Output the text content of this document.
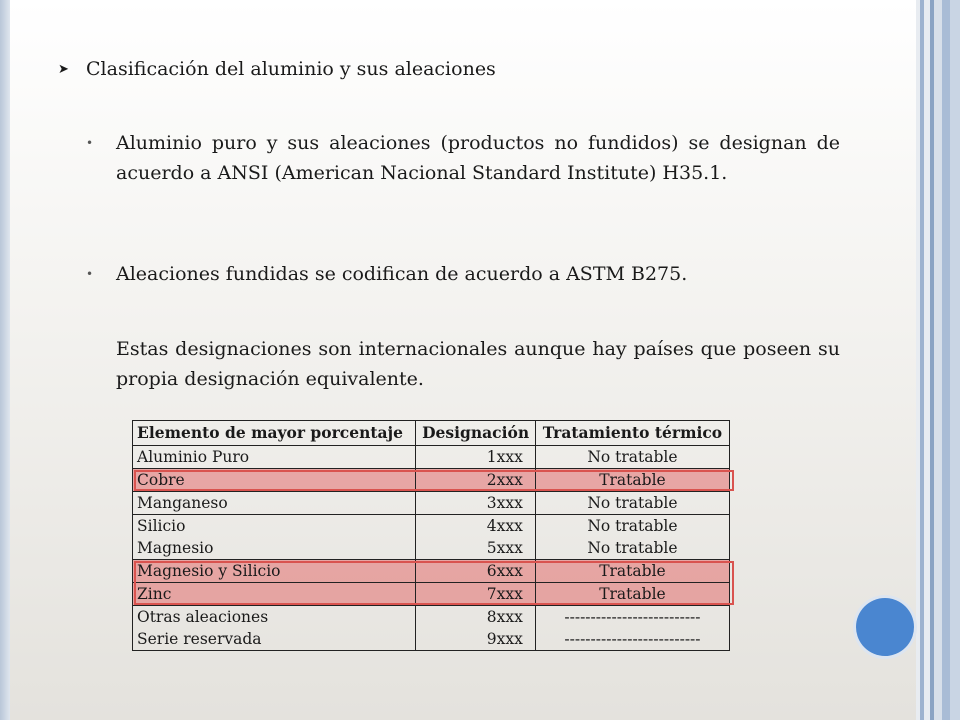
➤ Clasificación del aluminio y sus aleaciones
• Aluminio puro y sus aleaciones (productos no fundidos) se designan de acuerdo a ANSI (American Nacional Standard Institute) H35.1.
• Aleaciones fundidas se codifican de acuerdo a ASTM B275.
Estas designaciones son internacionales aunque hay países que poseen su propia designación equivalente.
Elemento de mayor porcentaje	Designación	Tratamiento térmico
Aluminio Puro	1xxx	No tratable
Cobre	2xxx	Tratable
Manganeso	3xxx	No tratable
Silicio	4xxx	No tratable
Magnesio	5xxx	No tratable
Magnesio y Silicio	6xxx	Tratable
Zinc	7xxx	Tratable
Otras aleaciones	8xxx	--------------------------
Serie reservada	9xxx	--------------------------
